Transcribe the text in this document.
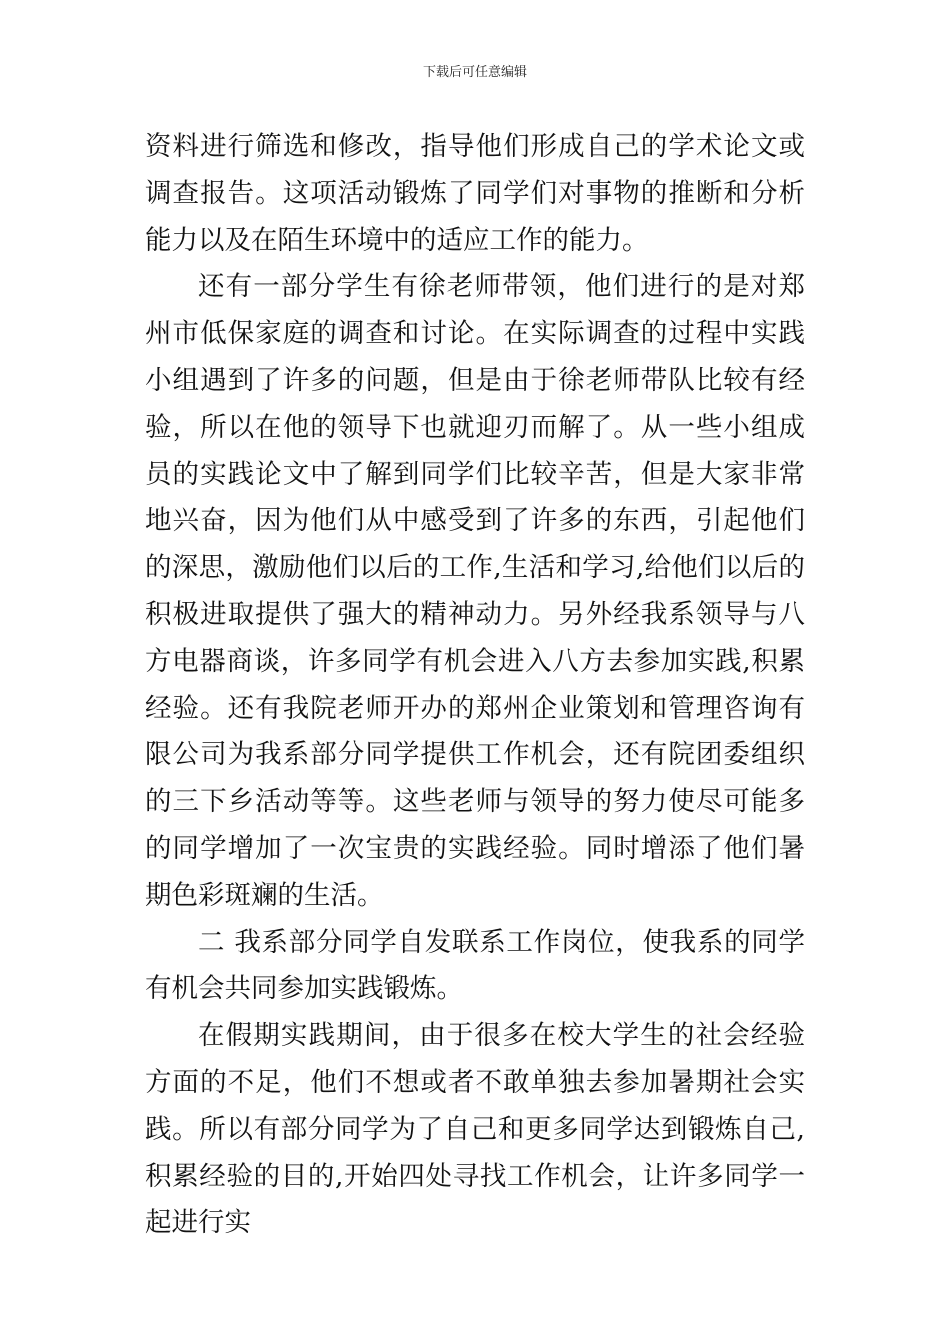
下载后可任意编辑

资料进行筛选和修改，指导他们形成自己的学术论文或调查报告。这项活动锻炼了同学们对事物的推断和分析能力以及在陌生环境中的适应工作的能力。

还有一部分学生有徐老师带领，他们进行的是对郑州市低保家庭的调查和讨论。在实际调查的过程中实践小组遇到了许多的问题，但是由于徐老师带队比较有经验，所以在他的领导下也就迎刃而解了。从一些小组成员的实践论文中了解到同学们比较辛苦，但是大家非常地兴奋，因为他们从中感受到了许多的东西，引起他们的深思，激励他们以后的工作,生活和学习,给他们以后的积极进取提供了强大的精神动力。另外经我系领导与八方电器商谈，许多同学有机会进入八方去参加实践,积累经验。还有我院老师开办的郑州企业策划和管理咨询有限公司为我系部分同学提供工作机会，还有院团委组织的三下乡活动等等。这些老师与领导的努力使尽可能多的同学增加了一次宝贵的实践经验。同时增添了他们暑期色彩斑斓的生活。

二 我系部分同学自发联系工作岗位，使我系的同学有机会共同参加实践锻炼。

在假期实践期间，由于很多在校大学生的社会经验方面的不足，他们不想或者不敢单独去参加暑期社会实践。所以有部分同学为了自己和更多同学达到锻炼自己,积累经验的目的,开始四处寻找工作机会，让许多同学一起进行实
